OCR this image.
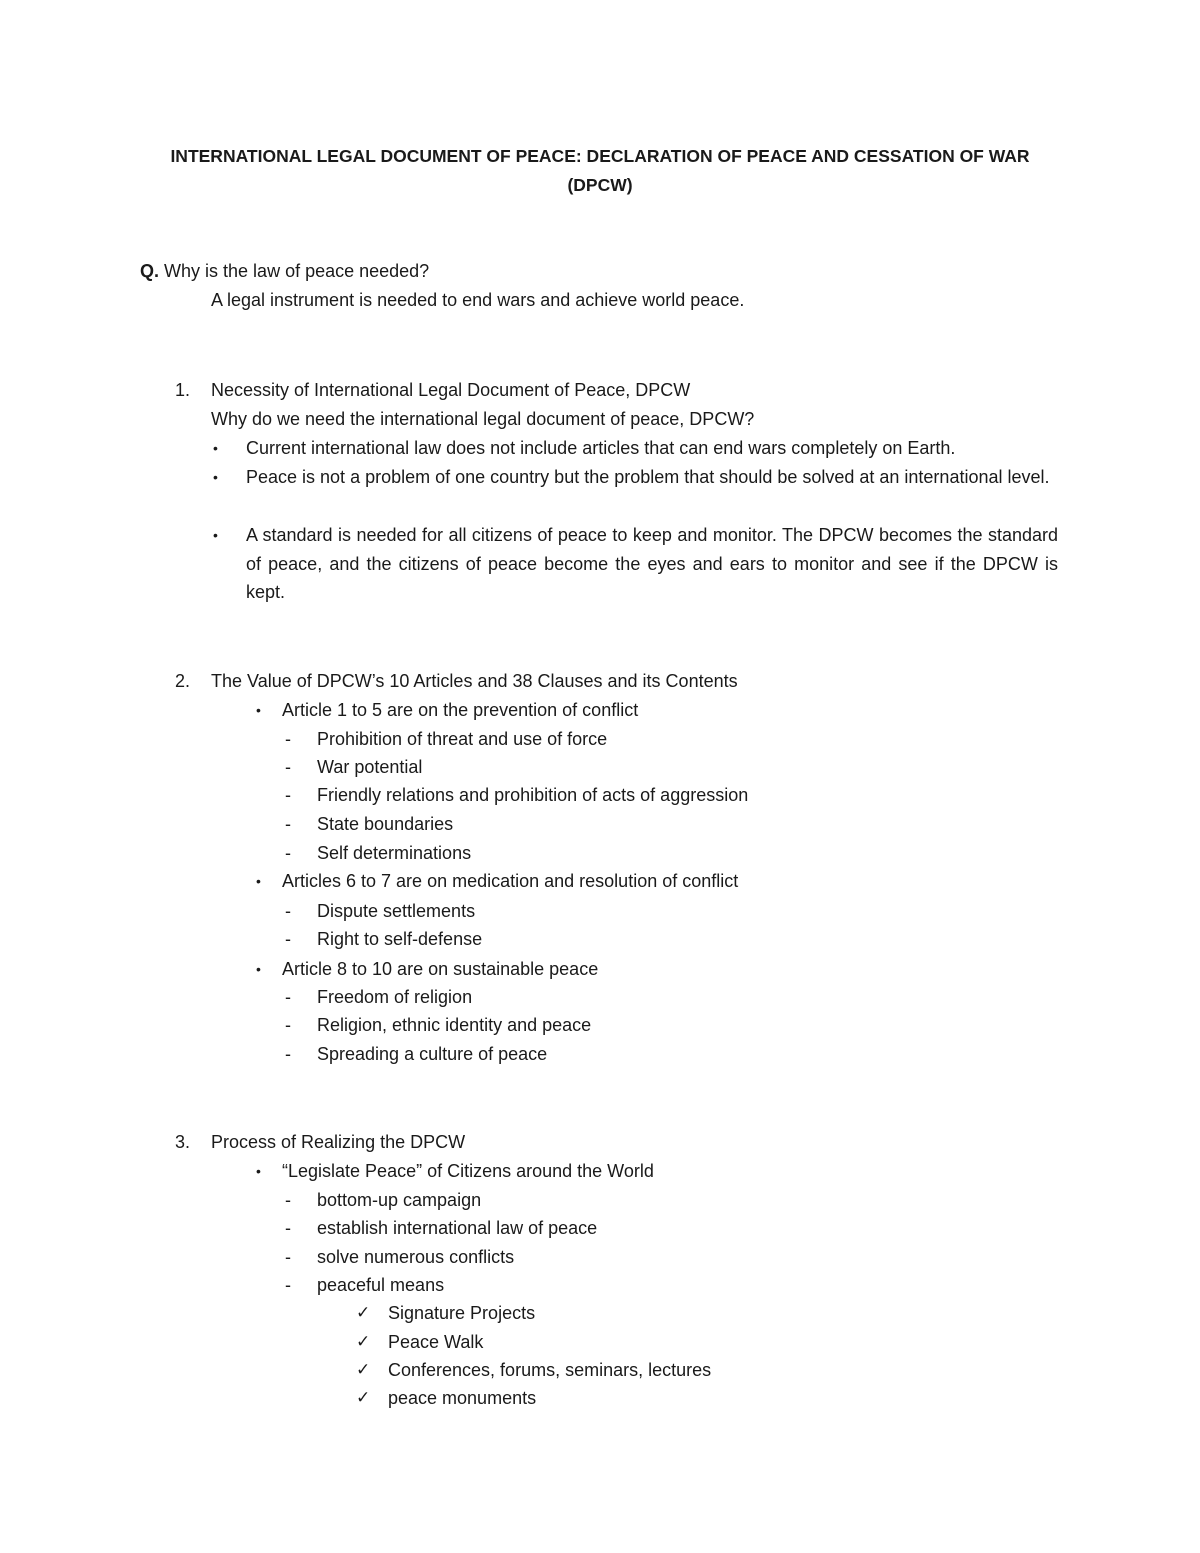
INTERNATIONAL LEGAL DOCUMENT OF PEACE: DECLARATION OF PEACE AND CESSATION OF WAR
(DPCW)
Q. Why is the law of peace needed?
A legal instrument is needed to end wars and achieve world peace.
1. Necessity of International Legal Document of Peace, DPCW
Why do we need the international legal document of peace, DPCW?
• Current international law does not include articles that can end wars completely on Earth.
• Peace is not a problem of one country but the problem that should be solved at an international level.
• A standard is needed for all citizens of peace to keep and monitor. The DPCW becomes the standard of peace, and the citizens of peace become the eyes and ears to monitor and see if the DPCW is kept.
2. The Value of DPCW’s 10 Articles and 38 Clauses and its Contents
• Article 1 to 5 are on the prevention of conflict
- Prohibition of threat and use of force
- War potential
- Friendly relations and prohibition of acts of aggression
- State boundaries
- Self determinations
• Articles 6 to 7 are on medication and resolution of conflict
- Dispute settlements
- Right to self-defense
• Article 8 to 10 are on sustainable peace
- Freedom of religion
- Religion, ethnic identity and peace
- Spreading a culture of peace
3. Process of Realizing the DPCW
• “Legislate Peace” of Citizens around the World
- bottom-up campaign
- establish international law of peace
- solve numerous conflicts
- peaceful means
✓ Signature Projects
✓ Peace Walk
✓ Conferences, forums, seminars, lectures
✓ peace monuments
